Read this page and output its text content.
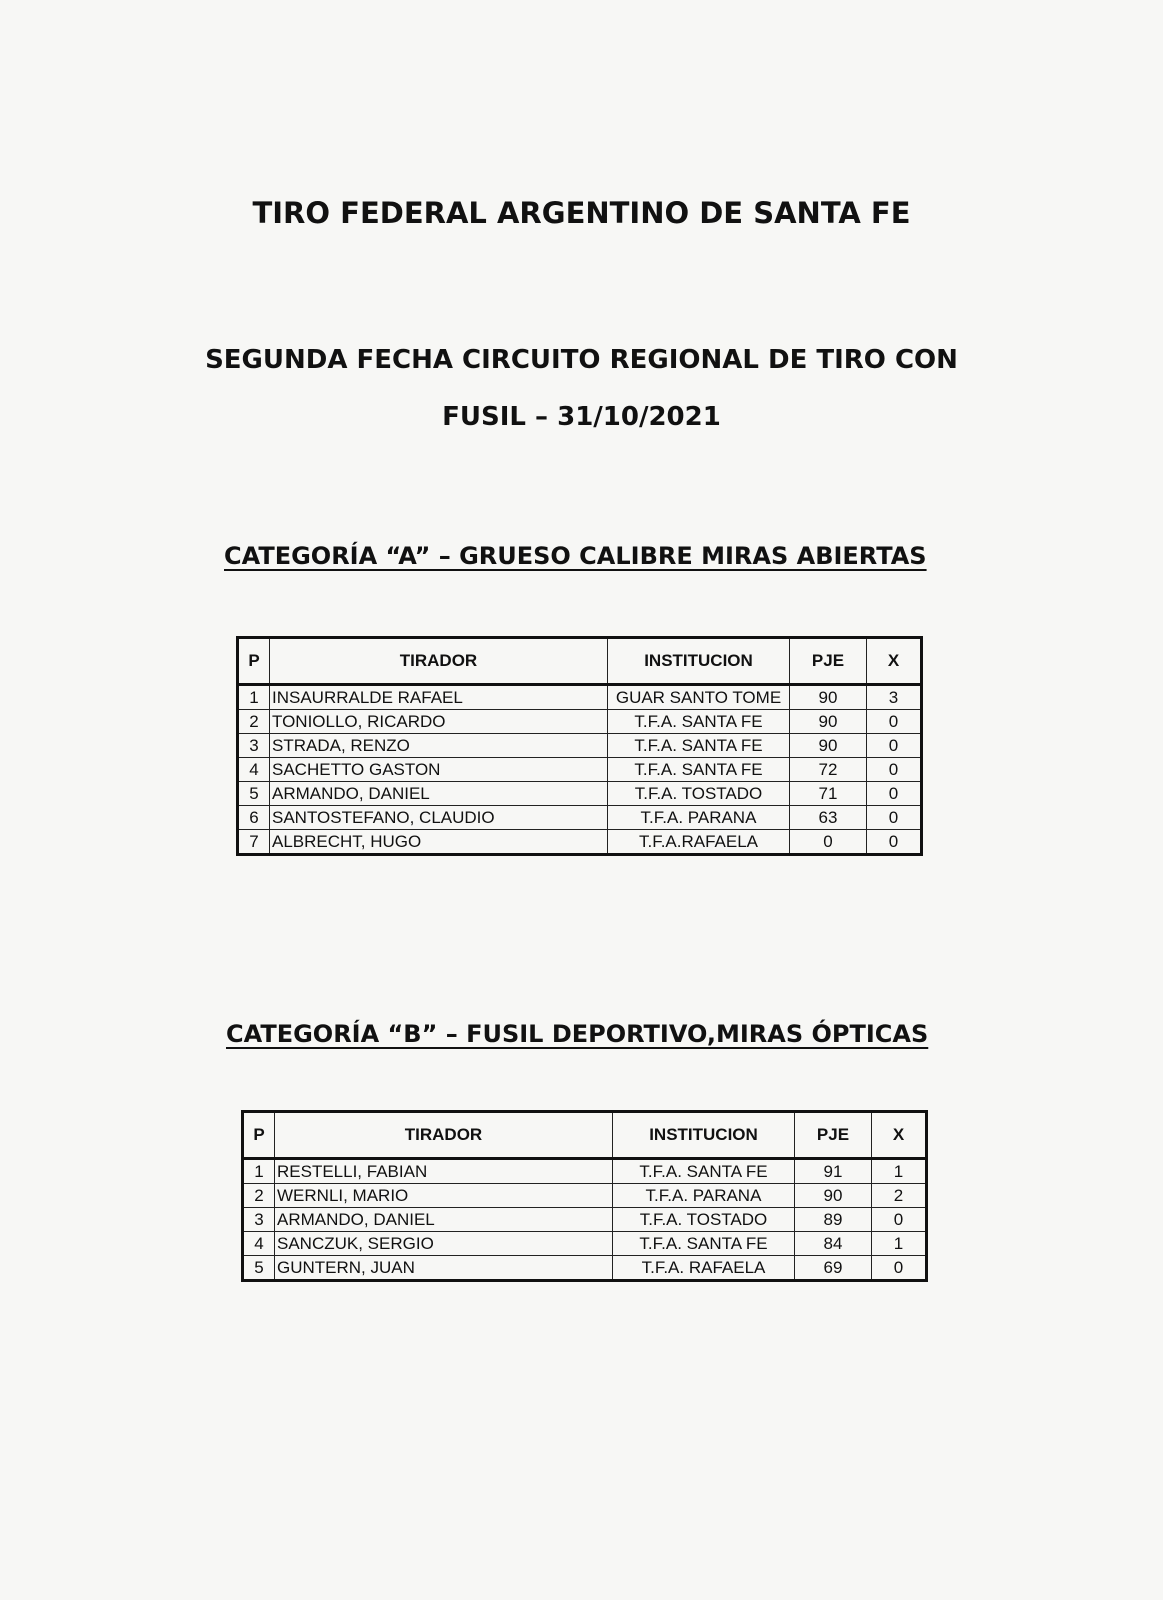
TIRO FEDERAL ARGENTINO DE SANTA FE
SEGUNDA FECHA CIRCUITO REGIONAL DE TIRO CON
FUSIL – 31/10/2021
CATEGORÍA “A” – GRUESO CALIBRE MIRAS ABIERTAS
P	TIRADOR	INSTITUCION	PJE	X
1	INSAURRALDE RAFAEL	GUAR SANTO TOME	90	3
2	TONIOLLO, RICARDO	T.F.A. SANTA FE	90	0
3	STRADA, RENZO	T.F.A. SANTA FE	90	0
4	SACHETTO GASTON	T.F.A. SANTA FE	72	0
5	ARMANDO, DANIEL	T.F.A. TOSTADO	71	0
6	SANTOSTEFANO, CLAUDIO	T.F.A. PARANA	63	0
7	ALBRECHT, HUGO	T.F.A.RAFAELA	0	0
CATEGORÍA “B” – FUSIL DEPORTIVO,MIRAS ÓPTICAS
P	TIRADOR	INSTITUCION	PJE	X
1	RESTELLI, FABIAN	T.F.A. SANTA FE	91	1
2	WERNLI, MARIO	T.F.A. PARANA	90	2
3	ARMANDO, DANIEL	T.F.A. TOSTADO	89	0
4	SANCZUK, SERGIO	T.F.A. SANTA FE	84	1
5	GUNTERN, JUAN	T.F.A. RAFAELA	69	0
